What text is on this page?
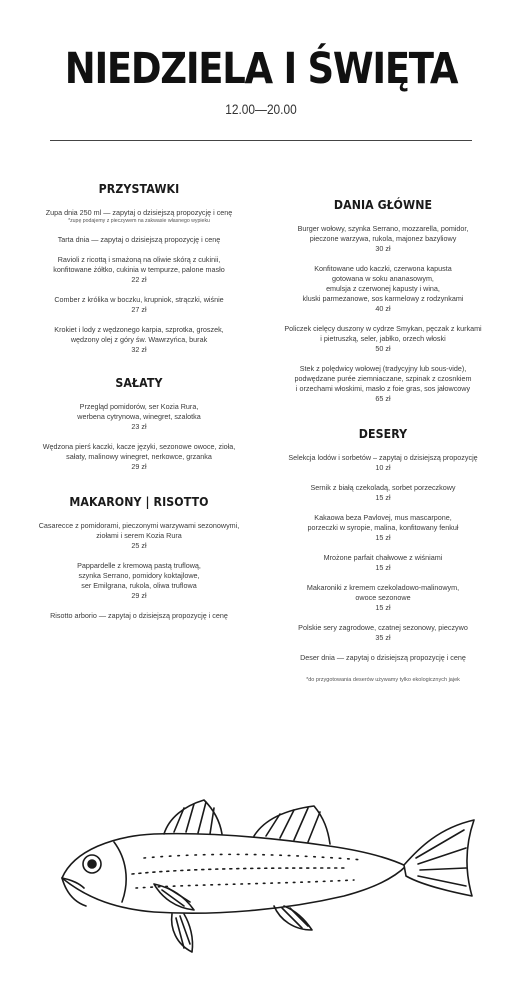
NIEDZIELA I ŚWIĘTA
12.00—20.00
PRZYSTAWKI
Zupa dnia 250 ml — zapytaj o dzisiejszą propozycję i cenę
*zupę podajemy z pieczywem na zakwasie własnego wypieku
Tarta dnia — zapytaj o dzisiejszą propozycję i cenę
Ravioli z ricottą i smażoną na oliwie skórą z cukinii,
konfitowane żółtko, cukinia w tempurze, palone masło
22 zł
Comber z królika w boczku, krupniok, strączki, wiśnie
27 zł
Krokiet i lody z wędzonego karpia, szprotka, groszek,
wędzony olej z góry św. Wawrzyńca, burak
32 zł
SAŁATY
Przegląd pomidorów, ser Kozia Rura,
werbena cytrynowa, winegret, szalotka
23 zł
Wędzona pierś kaczki, kacze języki, sezonowe owoce, zioła,
sałaty, malinowy winegret, nerkowce, grzanka
29 zł
MAKARONY | RISOTTO
Casarecce z pomidorami, pieczonymi warzywami sezonowymi,
ziołami i serem Kozia Rura
25 zł
Pappardelle z kremową pastą truflową,
szynka Serrano, pomidory koktajlowe,
ser Emilgrana, rukola, oliwa truflowa
29 zł
Risotto arborio — zapytaj o dzisiejszą propozycję i cenę
DANIA GŁÓWNE
Burger wołowy, szynka Serrano, mozzarella, pomidor,
pieczone warzywa, rukola, majonez bazyliowy
30 zł
Konfitowane udo kaczki, czerwona kapusta
gotowana w soku ananasowym,
emulsja z czerwonej kapusty i wina,
kluski parmezanowe, sos karmelowy z rodzynkami
40 zł
Policzek cielęcy duszony w cydrze Smykan, pęczak z kurkami
i pietruszką, seler, jabłko, orzech włoski
50 zł
Stek z polędwicy wołowej (tradycyjny lub sous-vide),
podwędzane purée ziemniaczane, szpinak z czosnkiem
i orzechami włoskimi, masło z foie gras, sos jałowcowy
65 zł
DESERY
Selekcja lodów i sorbetów – zapytaj o dzisiejszą propozycję
10 zł
Sernik z białą czekoladą, sorbet porzeczkowy
15 zł
Kakaowa beza Pavlovej, mus mascarpone,
porzeczki w syropie, malina, konfitowany fenkuł
15 zł
Mrożone parfait chałwowe z wiśniami
15 zł
Makaroniki z kremem czekoladowo-malinowym,
owoce sezonowe
15 zł
Polskie sery zagrodowe, czatnej sezonowy, pieczywo
35 zł
Deser dnia — zapytaj o dzisiejszą propozycję i cenę
*do przygotowania deserów używamy tylko ekologicznych jajek
